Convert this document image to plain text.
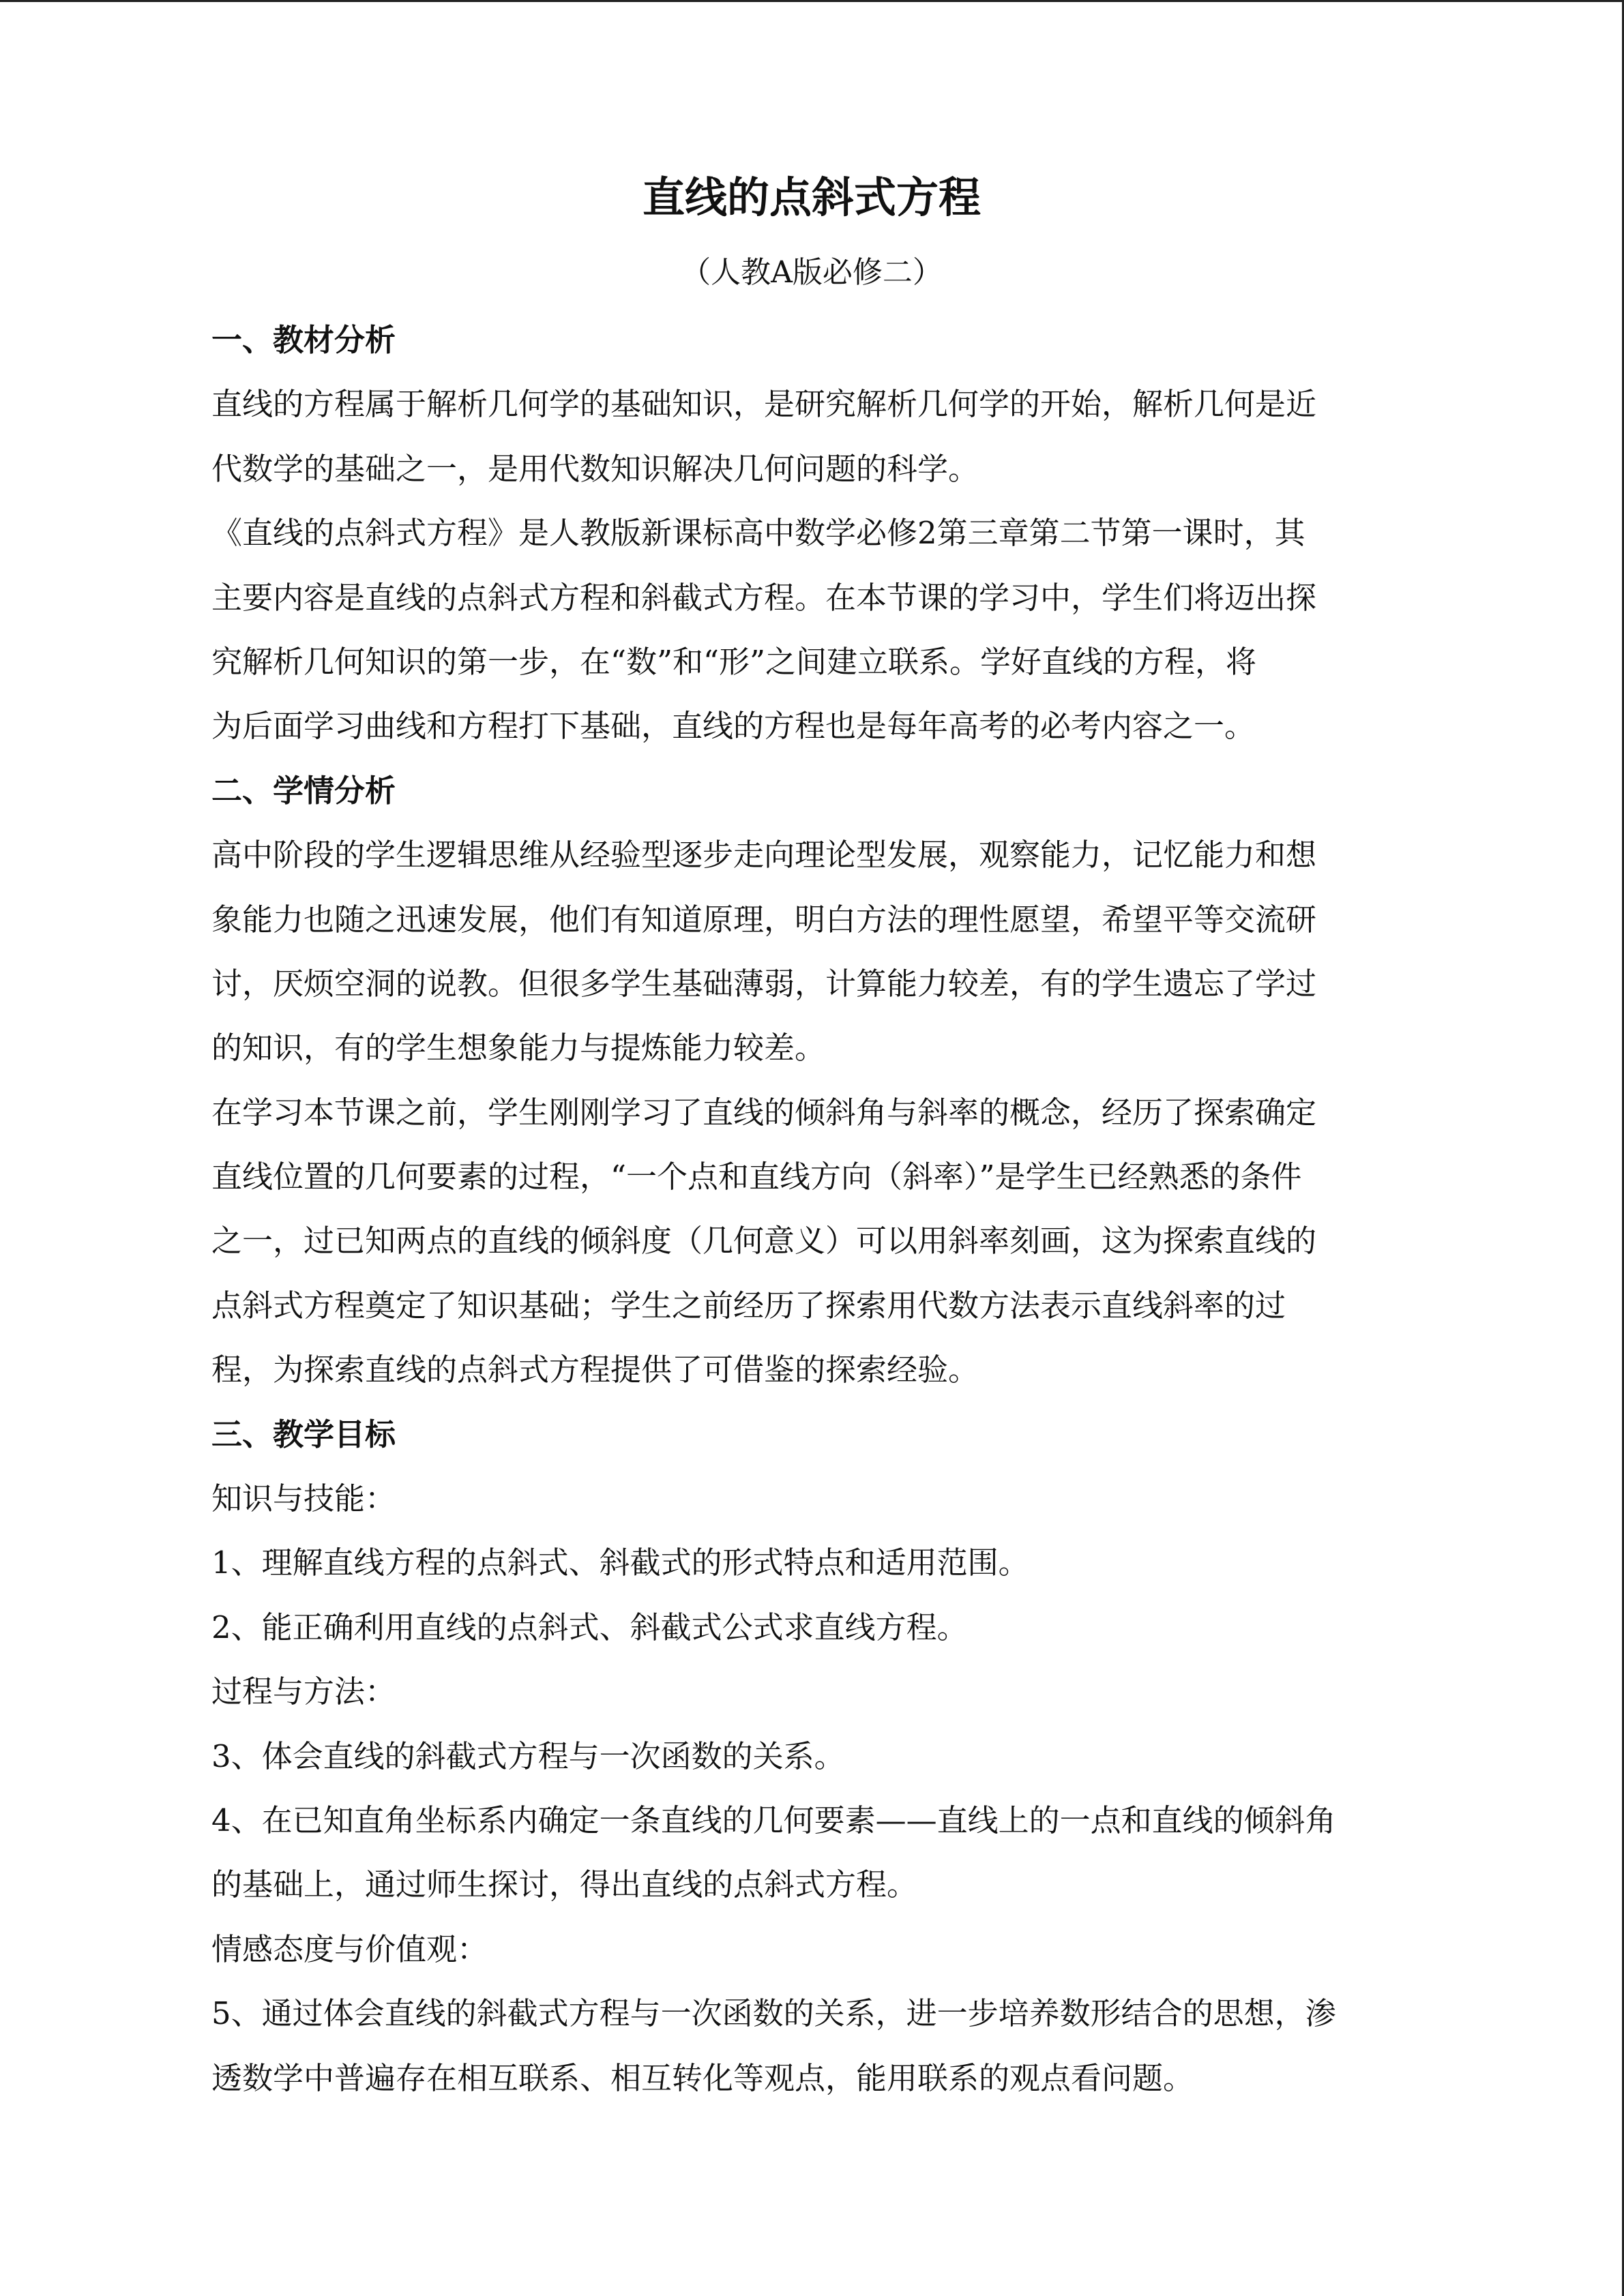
直线的点斜式方程
（人教A版必修二）
一、教材分析
直线的方程属于解析几何学的基础知识，是研究解析几何学的开始，解析几何是近
代数学的基础之一，是用代数知识解决几何问题的科学。
《直线的点斜式方程》是人教版新课标高中数学必修2第三章第二节第一课时，其
主要内容是直线的点斜式方程和斜截式方程。在本节课的学习中，学生们将迈出探
究解析几何知识的第一步，在“数”和“形”之间建立联系。学好直线的方程，将
为后面学习曲线和方程打下基础，直线的方程也是每年高考的必考内容之一。
二、学情分析
高中阶段的学生逻辑思维从经验型逐步走向理论型发展，观察能力，记忆能力和想
象能力也随之迅速发展，他们有知道原理，明白方法的理性愿望，希望平等交流研
讨，厌烦空洞的说教。但很多学生基础薄弱，计算能力较差，有的学生遗忘了学过
的知识，有的学生想象能力与提炼能力较差。
在学习本节课之前，学生刚刚学习了直线的倾斜角与斜率的概念，经历了探索确定
直线位置的几何要素的过程，“一个点和直线方向（斜率）”是学生已经熟悉的条件
之一，过已知两点的直线的倾斜度（几何意义）可以用斜率刻画，这为探索直线的
点斜式方程奠定了知识基础；学生之前经历了探索用代数方法表示直线斜率的过
程，为探索直线的点斜式方程提供了可借鉴的探索经验。
三、教学目标
知识与技能：
1、理解直线方程的点斜式、斜截式的形式特点和适用范围。
2、能正确利用直线的点斜式、斜截式公式求直线方程。
过程与方法：
3、体会直线的斜截式方程与一次函数的关系。
4、在已知直角坐标系内确定一条直线的几何要素——直线上的一点和直线的倾斜角
的基础上，通过师生探讨，得出直线的点斜式方程。
情感态度与价值观：
5、通过体会直线的斜截式方程与一次函数的关系，进一步培养数形结合的思想，渗
透数学中普遍存在相互联系、相互转化等观点，能用联系的观点看问题。
